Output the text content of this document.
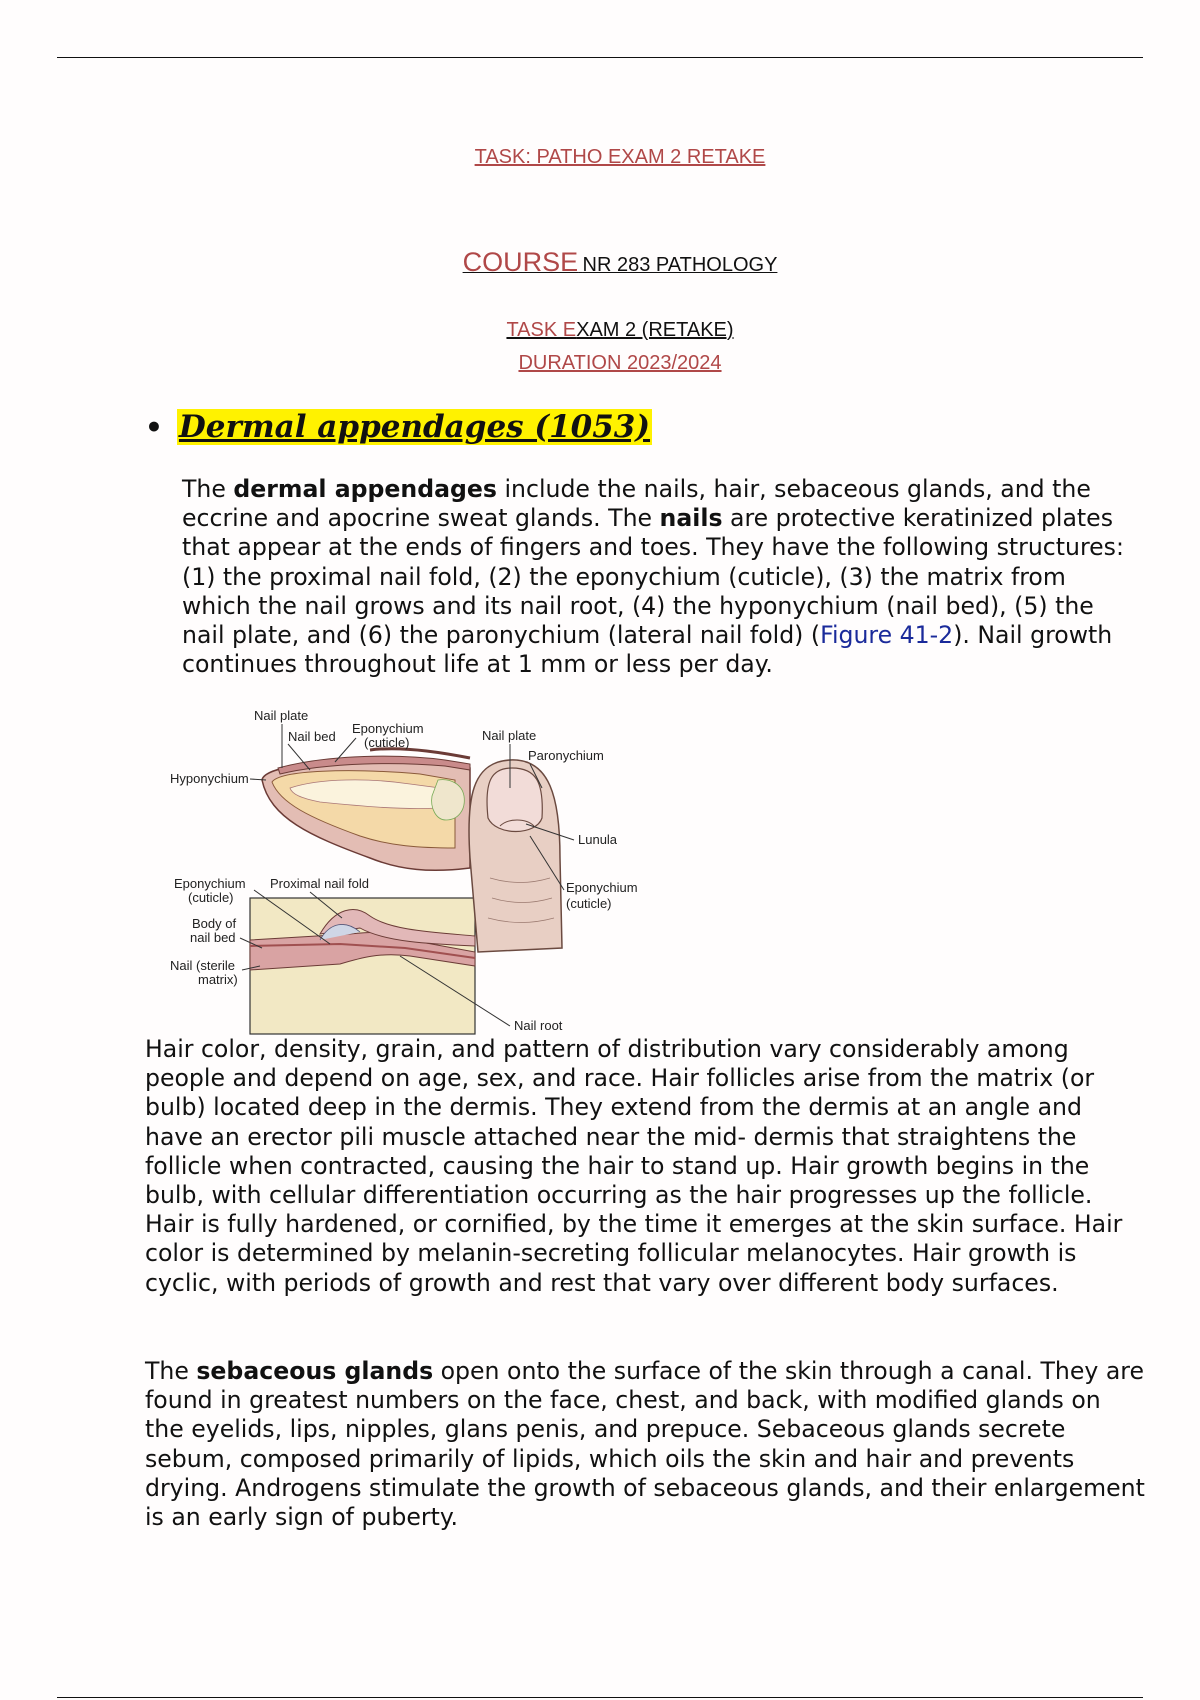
TASK: PATHO EXAM 2 RETAKE
COURSE NR 283 PATHOLOGY
TASK EXAM 2 (RETAKE)
DURATION 2023/2024
• Dermal appendages (1053)

The dermal appendages include the nails, hair, sebaceous glands, and the eccrine and apocrine sweat glands. The nails are protective keratinized plates that appear at the ends of fingers and toes. They have the following structures: (1) the proximal nail fold, (2) the eponychium (cuticle), (3) the matrix from which the nail grows and its nail root, (4) the hyponychium (nail bed), (5) the nail plate, and (6) the paronychium (lateral nail fold) (Figure 41-2). Nail growth continues throughout life at 1 mm or less per day.

Nail plate
Nail bed
Eponychium
(cuticle)
Hyponychium
Eponychium
(cuticle)
Proximal nail fold
Body of
nail bed
Nail (sterile
matrix)
Nail root
Nail plate
Paronychium
Lunula
Eponychium
(cuticle)

Hair color, density, grain, and pattern of distribution vary considerably among people and depend on age, sex, and race. Hair follicles arise from the matrix (or bulb) located deep in the dermis. They extend from the dermis at an angle and have an erector pili muscle attached near the mid- dermis that straightens the follicle when contracted, causing the hair to stand up. Hair growth begins in the bulb, with cellular differentiation occurring as the hair progresses up the follicle. Hair is fully hardened, or cornified, by the time it emerges at the skin surface. Hair color is determined by melanin-secreting follicular melanocytes. Hair growth is cyclic, with periods of growth and rest that vary over different body surfaces.

The sebaceous glands open onto the surface of the skin through a canal. They are found in greatest numbers on the face, chest, and back, with modified glands on the eyelids, lips, nipples, glans penis, and prepuce. Sebaceous glands secrete sebum, composed primarily of lipids, which oils the skin and hair and prevents drying. Androgens stimulate the growth of sebaceous glands, and their enlargement is an early sign of puberty.
